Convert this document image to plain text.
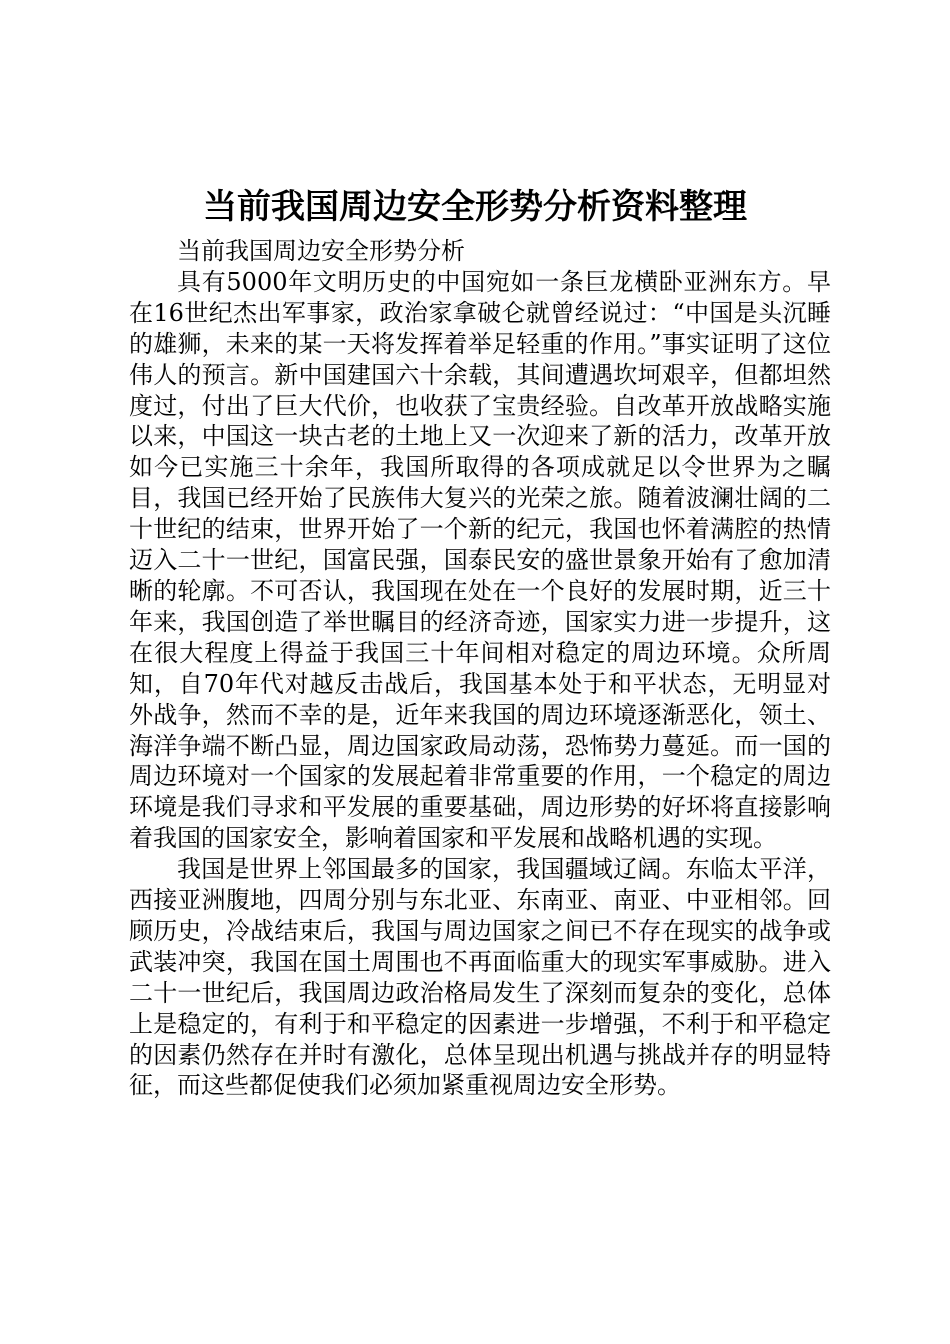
当前我国周边安全形势分析资料整理

当前我国周边安全形势分析

具有5000年文明历史的中国宛如一条巨龙横卧亚洲东方。早在16世纪杰出军事家，政治家拿破仑就曾经说过：“中国是头沉睡的雄狮，未来的某一天将发挥着举足轻重的作用。”事实证明了这位伟人的预言。新中国建国六十余载，其间遭遇坎坷艰辛，但都坦然度过，付出了巨大代价，也收获了宝贵经验。自改革开放战略实施以来，中国这一块古老的土地上又一次迎来了新的活力，改革开放如今已实施三十余年，我国所取得的各项成就足以令世界为之瞩目，我国已经开始了民族伟大复兴的光荣之旅。随着波澜壮阔的二十世纪的结束，世界开始了一个新的纪元，我国也怀着满腔的热情迈入二十一世纪，国富民强，国泰民安的盛世景象开始有了愈加清晰的轮廓。不可否认，我国现在处在一个良好的发展时期，近三十年来，我国创造了举世瞩目的经济奇迹，国家实力进一步提升，这在很大程度上得益于我国三十年间相对稳定的周边环境。众所周知，自70年代对越反击战后，我国基本处于和平状态，无明显对外战争，然而不幸的是，近年来我国的周边环境逐渐恶化，领土、海洋争端不断凸显，周边国家政局动荡，恐怖势力蔓延。而一国的周边环境对一个国家的发展起着非常重要的作用，一个稳定的周边环境是我们寻求和平发展的重要基础，周边形势的好坏将直接影响着我国的国家安全，影响着国家和平发展和战略机遇的实现。

我国是世界上邻国最多的国家，我国疆域辽阔。东临太平洋，西接亚洲腹地，四周分别与东北亚、东南亚、南亚、中亚相邻。回顾历史，冷战结束后，我国与周边国家之间已不存在现实的战争或武装冲突，我国在国土周围也不再面临重大的现实军事威胁。进入二十一世纪后，我国周边政治格局发生了深刻而复杂的变化，总体上是稳定的，有利于和平稳定的因素进一步增强，不利于和平稳定的因素仍然存在并时有激化，总体呈现出机遇与挑战并存的明显特征，而这些都促使我们必须加紧重视周边安全形势。
